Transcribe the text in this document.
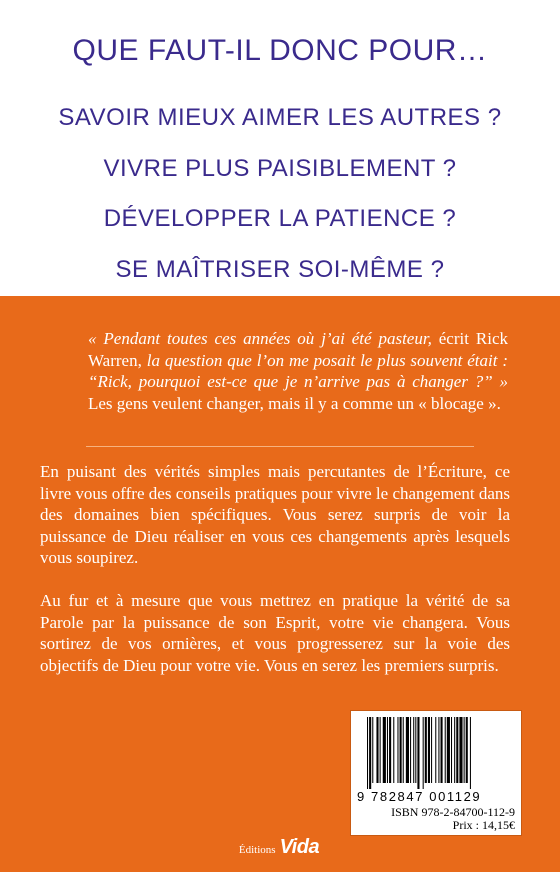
QUE FAUT-IL DONC POUR…
SAVOIR MIEUX AIMER LES AUTRES ?
VIVRE PLUS PAISIBLEMENT ?
DÉVELOPPER LA PATIENCE ?
SE MAÎTRISER SOI-MÊME ?
« Pendant toutes ces années où j’ai été pasteur, écrit Rick Warren, la question que l’on me posait le plus souvent était : “Rick, pourquoi est-ce que je n’arrive pas à changer ?” » Les gens veulent changer, mais il y a comme un « blocage ».
En puisant des vérités simples mais percutantes de l’Écriture, ce livre vous offre des conseils pratiques pour vivre le changement dans des domaines bien spécifiques. Vous serez surpris de voir la puissance de Dieu réaliser en vous ces changements après lesquels vous soupirez.
Au fur et à mesure que vous mettrez en pratique la vérité de sa Parole par la puissance de son Esprit, votre vie changera. Vous sortirez de vos ornières, et vous progresserez sur la voie des objectifs de Dieu pour votre vie. Vous en serez les premiers surpris.
9 782847 001129
ISBN 978-2-84700-112-9
Prix : 14,15€
Éditions Vida
